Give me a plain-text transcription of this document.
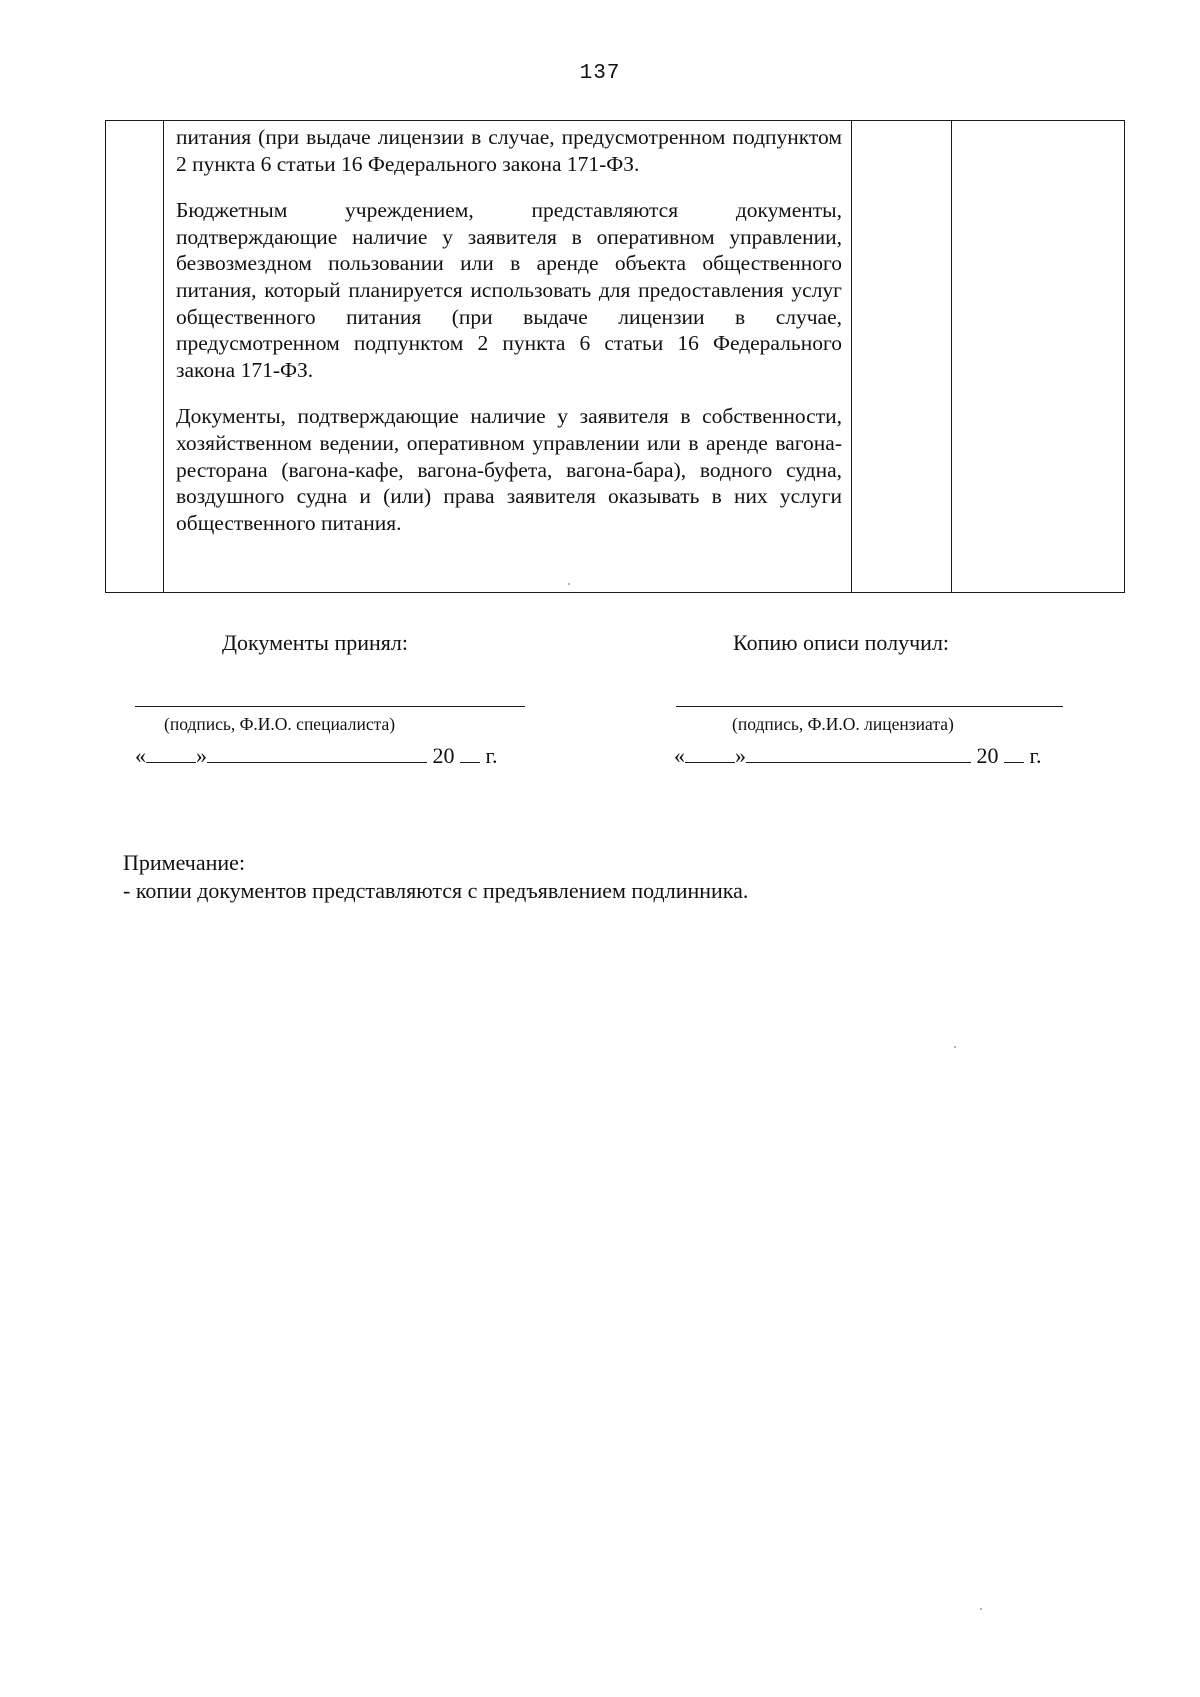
137

питания (при выдаче лицензии в случае, предусмотренном подпунктом 2 пункта 6 статьи 16 Федерального закона 171-ФЗ.

Бюджетным учреждением, представляются документы, подтверждающие наличие у заявителя в оперативном управлении, безвозмездном пользовании или в аренде объекта общественного питания, который планируется использовать для предоставления услуг общественного питания (при выдаче лицензии в случае, предусмотренном подпунктом 2 пункта 6 статьи 16 Федерального закона 171-ФЗ.

Документы, подтверждающие наличие у заявителя в собственности, хозяйственном ведении, оперативном управлении или в аренде вагона-ресторана (вагона-кафе, вагона-буфета, вагона-бара), водного судна, воздушного судна и (или) права заявителя оказывать в них услуги общественного питания.

Документы принял:	Копию описи получил:
(подпись, Ф.И.О. специалиста)	(подпись, Ф.И.О. лицензиата)
« »	20 г.	« »	20 г.
Примечание:
- копии документов представляются с предъявлением подлинника.
